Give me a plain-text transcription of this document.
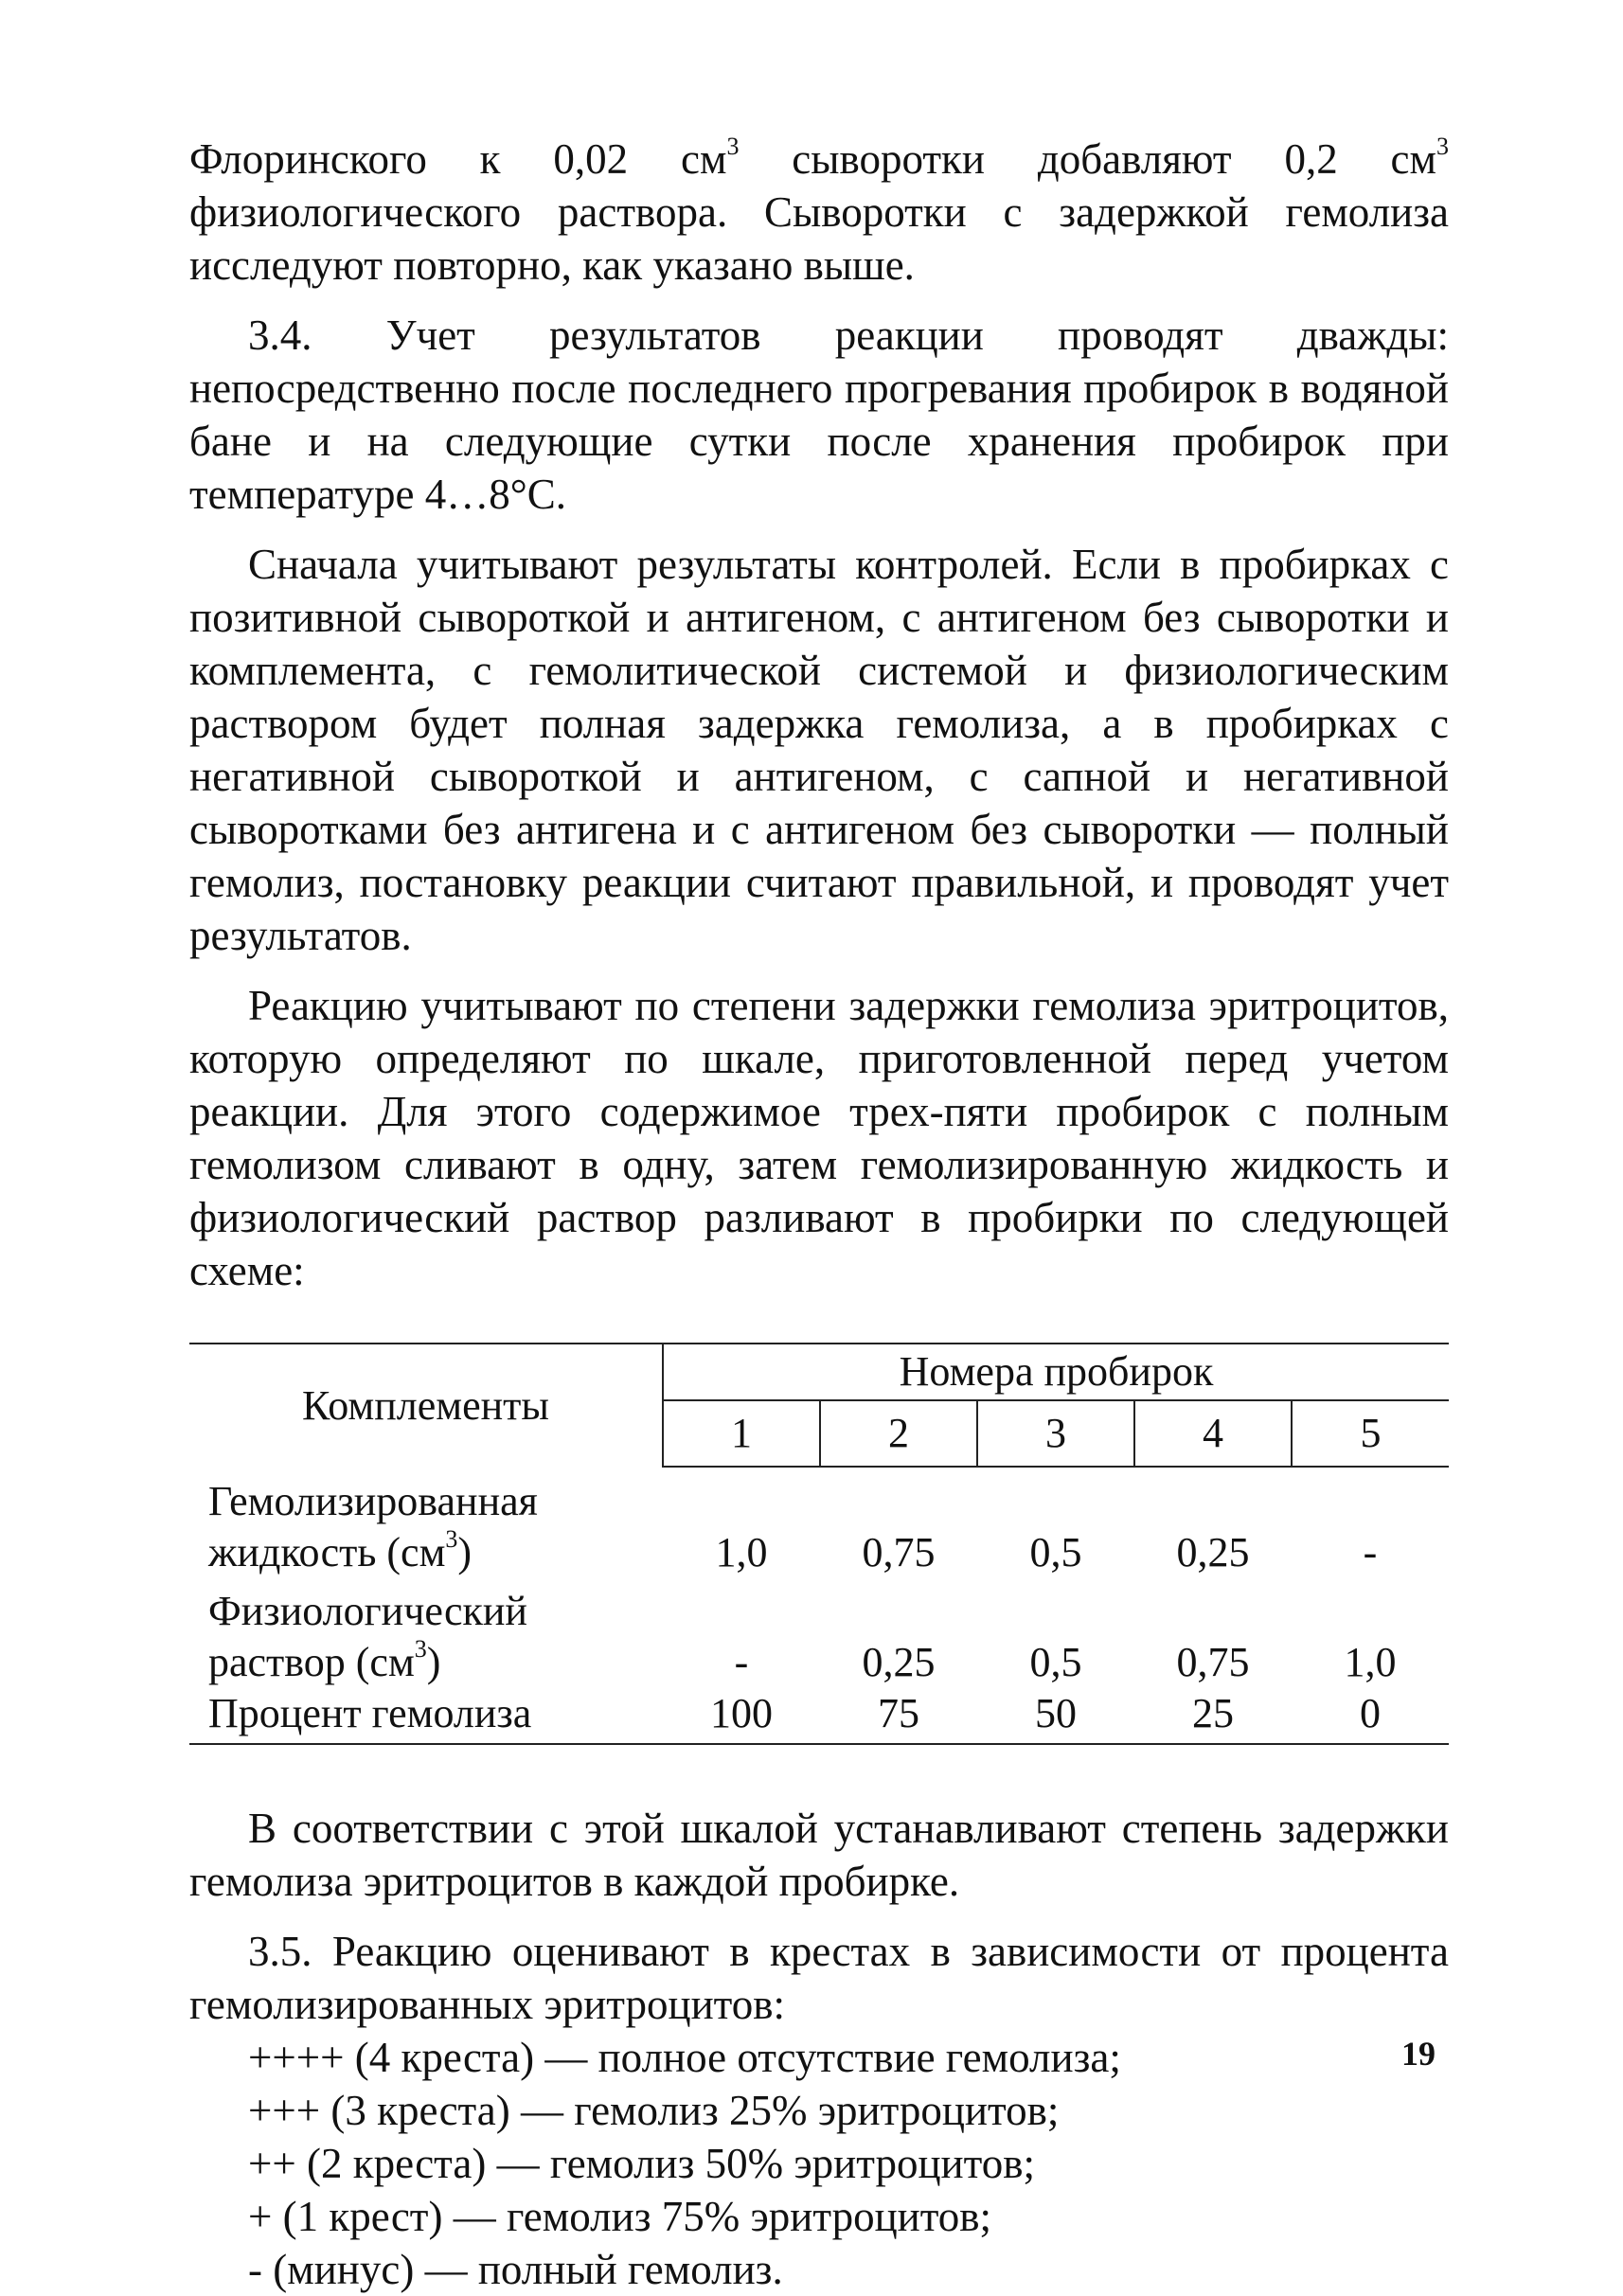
Флоринского к 0,02 $см^3$ сыворотки добавляют 0,2 $см^3$ физиологического раствора. Сыворотки с задержкой гемолиза исследуют повторно, как указано выше.

3.4. Учет результатов реакции проводят дважды: непосредственно после последнего прогревания пробирок в водяной бане и на следующие сутки после хранения пробирок при температуре 4…8°С.

Сначала учитывают результаты контролей. Если в пробирках с позитивной сывороткой и антигеном, с антигеном без сыворотки и комплемента, с гемолитической системой и физиологическим раствором будет полная задержка гемолиза, а в пробирках с негативной сывороткой и антигеном, с сапной и негативной сыворотками без антигена и с антигеном без сыворотки — полный гемолиз, постановку реакции считают правильной, и проводят учет результатов.

Реакцию учитывают по степени задержки гемолиза эритроцитов, которую определяют по шкале, приготовленной перед учетом реакции. Для этого содержимое трех-пяти пробирок с полным гемолизом сливают в одну, затем гемолизированную жидкость и физиологический раствор разливают в пробирки по следующей схеме:

Комплементы	Номера пробирок				
	1	2	3	4	5
Гемолизированная
жидкость $(см^3)$	1,0	0,75	0,5	0,25	-
Физиологический
раствор $(см^3)$	-	0,25	0,5	0,75	1,0
Процент гемолиза	100	75	50	25	0

В соответствии с этой шкалой устанавливают степень задержки гемолиза эритроцитов в каждой пробирке.

3.5. Реакцию оценивают в крестах в зависимости от процента гемолизированных эритроцитов:

++++ (4 креста) — полное отсутствие гемолиза;

+++ (3 креста) — гемолиз 25% эритроцитов;

++ (2 креста) — гемолиз 50% эритроцитов;

+ (1 крест) — гемолиз 75% эритроцитов;

- (минус) — полный гемолиз.

19
